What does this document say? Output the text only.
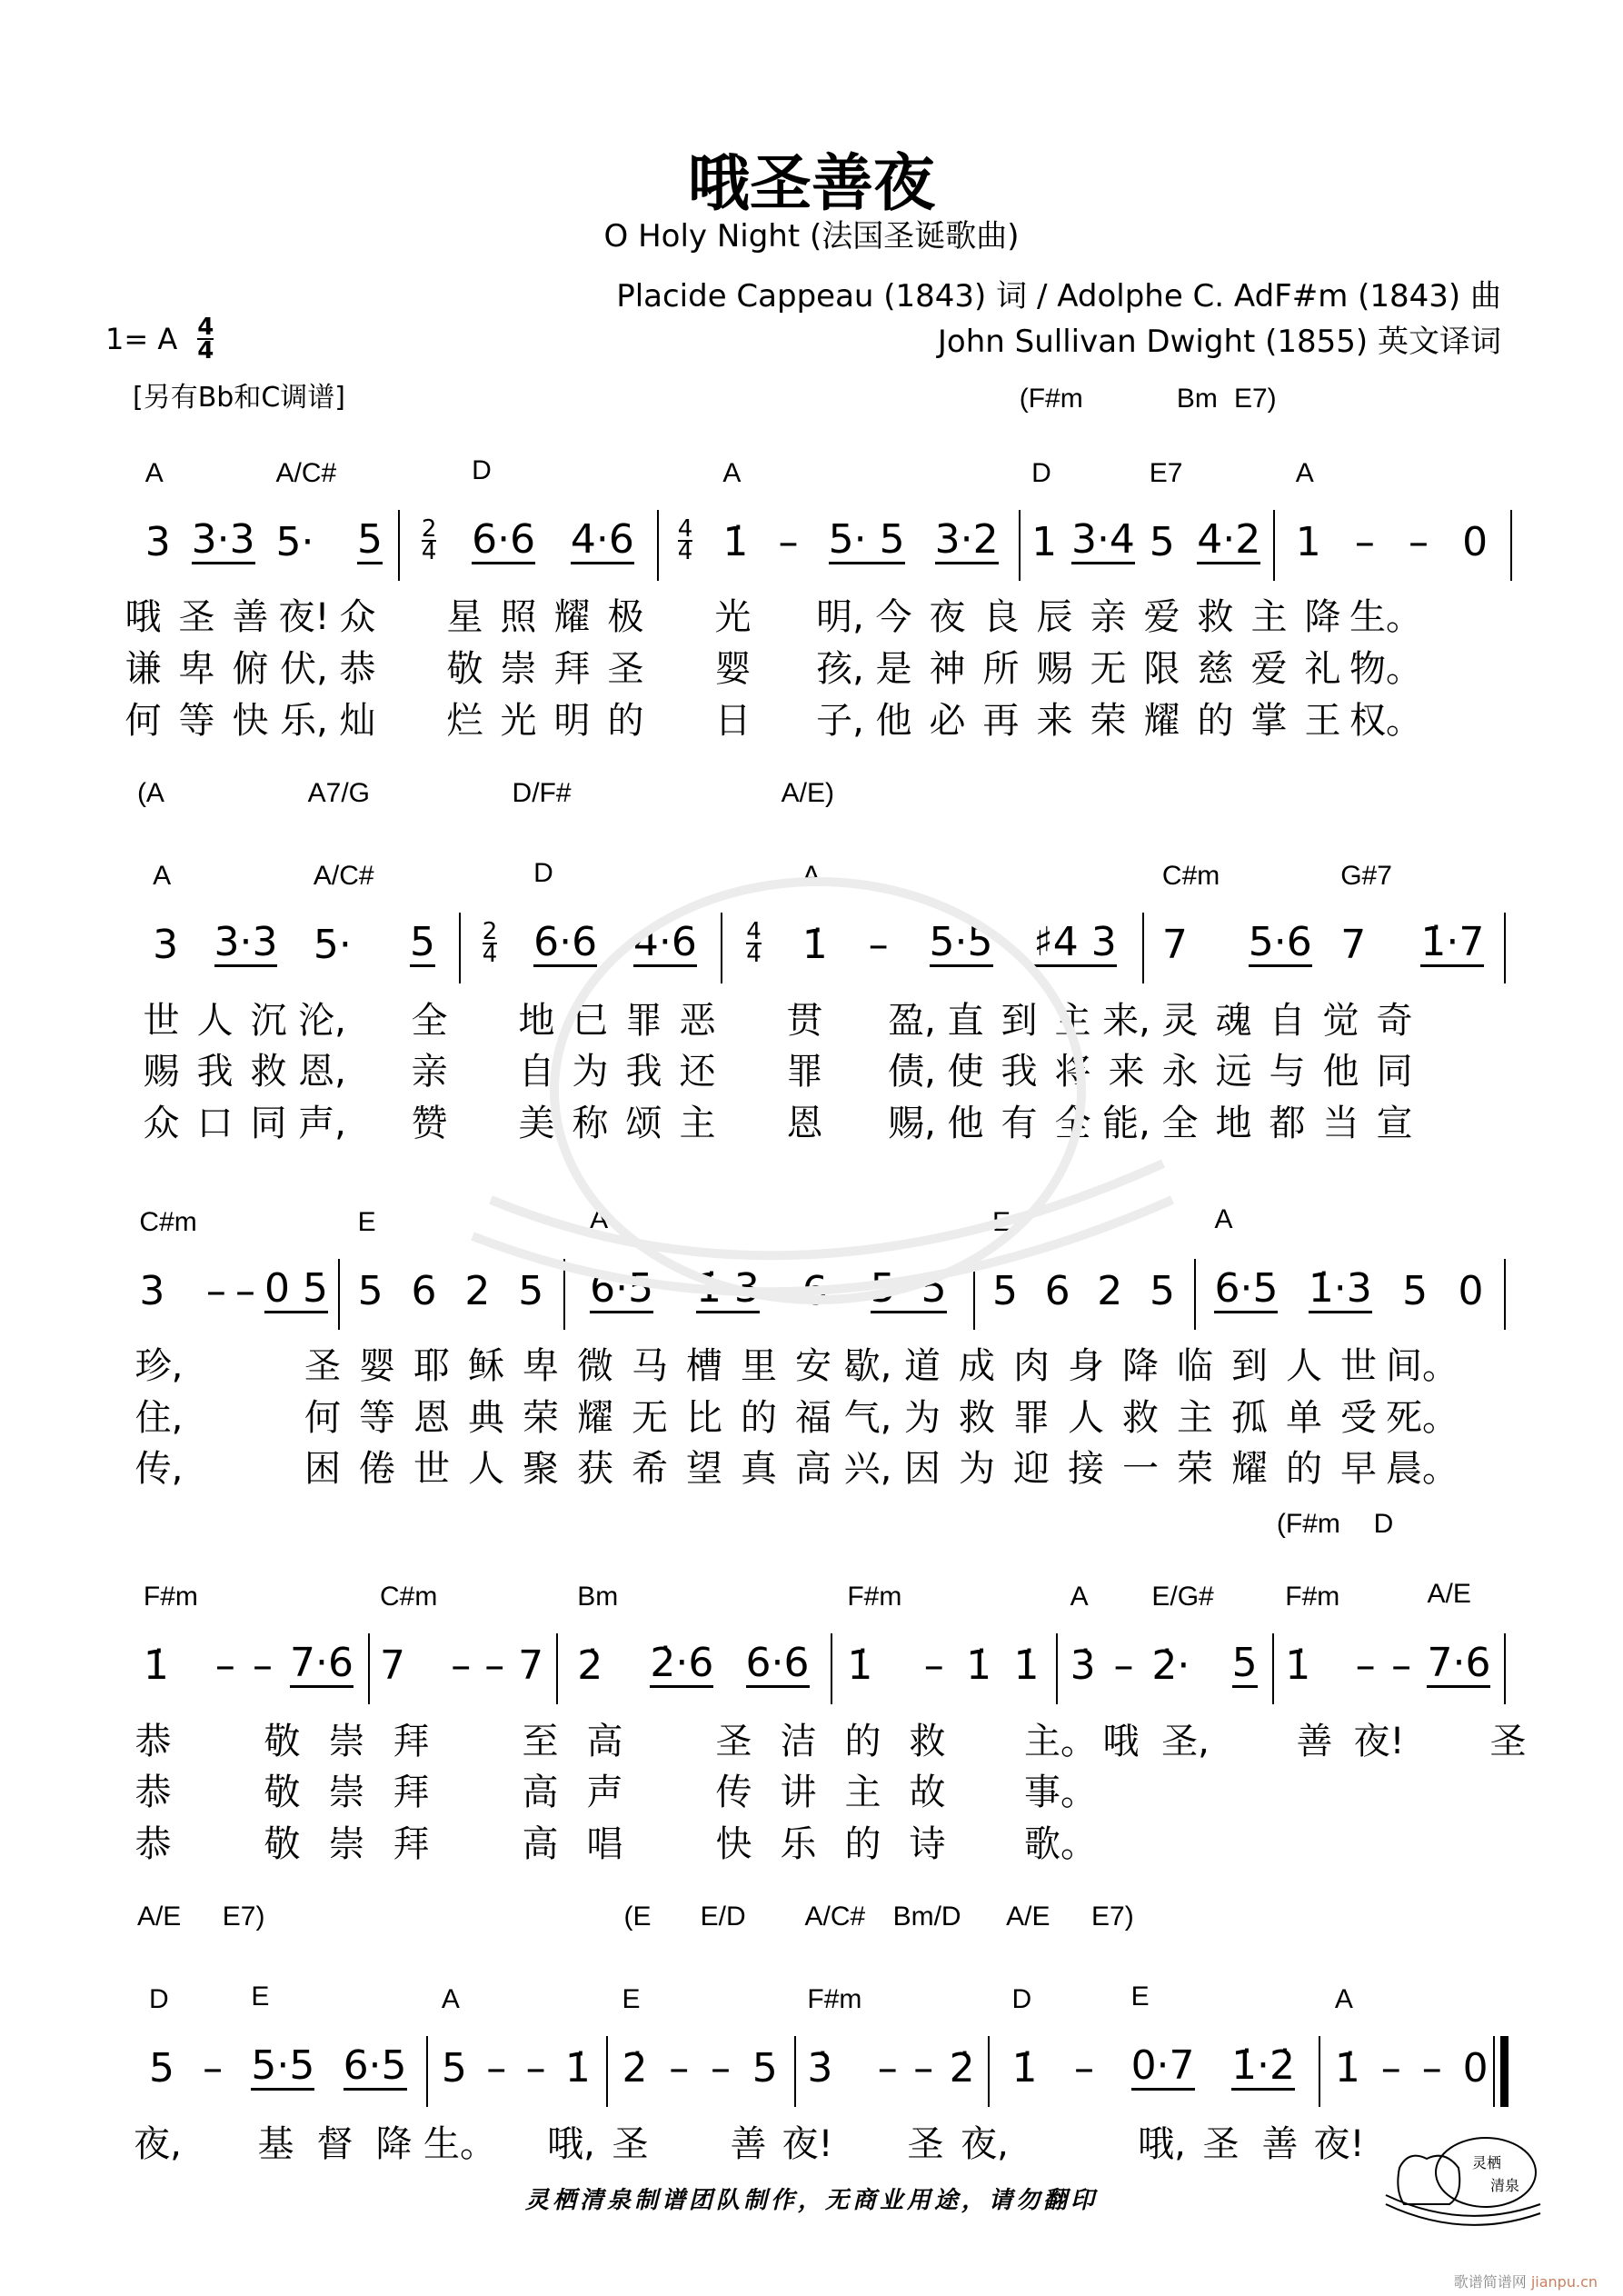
哦圣善夜
O Holy Night (法国圣诞歌曲)
Placide Cappeau (1843) 词 / Adolphe C. AdF#m (1843) 曲
John Sullivan Dwight (1855) 英文译词
1= A 4
4
[另有Bb和C调谱]	(F#m	Bm E7)
A
3 3·3
A/C#
5· 5 2
4
D
6·6 4·6 4
4
A
1̇ – 5· 5 3·2
D
1 3·4
E7
5 4·2
A
1 – – 0
哦 圣 善 夜! 众 星 照 耀 极 光 明, 今 夜 良 辰 亲 爱 救 主 降 生。
谦 卑 俯 伏, 恭 敬 崇 拜 圣 婴 孩, 是 神 所 赐 无 限 慈 爱 礼 物。
何 等 快 乐, 灿 烂 光 明 的 日 子, 他 必 再 来 荣 耀 的 掌 王 权。
(A	A7/G	D/F#	A/E)
A
3 3·3
A/C#
5· 5 2
4
D
6·6 4·6 4
4
A
1̇ – 5·5 ♯4 3
C#m
7 5·6
G#7
7 1̇·7
世 人 沉 沦, 全 地 已 罪 恶 贯 盈, 直 到 主 来, 灵 魂 自 觉 奇
赐 我 救 恩, 亲 自 为 我 还 罪 债, 使 我 将 来 永 远 与 他 同
众 口 同 声, 赞 美 称 颂 主 恩 赐, 他 有 全 能, 全 地 都 当 宣
C#m
3 – – 0 5
E
5 6 2 5
A
6·5 1̇·3 6 5· 5
E
5 6 2 5
A
6·5 1̇·3 5 0
珍,	圣 婴 耶 稣 卑 微 马 槽 里 安 歇, 道 成 肉 身 降 临 到 人 世 间。
住,	何 等 恩 典 荣 耀 无 比 的 福 气, 为 救 罪 人 救 主 孤 单 受 死。
传,	困 倦 世 人 聚 获 希 望 真 高 兴, 因 为 迎 接 一 荣 耀 的 早 晨。
(F#m D
F#m
1̇ – – 7·6
C#m
7 – – 7
Bm
2̇ 2̇·6 6·6
F#m
1̇ – 1̇ 1̇
A
3̇ –
E/G#
2̇· 5
F#m
1̇ – –
A/E
7·6
恭	敬 崇 拜	至 高	圣 洁 的 救	主。 哦 圣,	善 夜!	圣
恭	敬 崇 拜	高 声	传 讲 主 故	事。
恭	敬 崇 拜	高 唱	快 乐 的 诗	歌。
A/E E7)	(E E/D A/C# Bm/D A/E E7)
D
5 –
E
5·5 6·5
A
5 – – 1̇
E
2̇ – – 5
F#m
3̇ – – 2̇
D
1̇ –
E
0·7 1̇·2̇
A
1̇ – – 0
夜,	基 督 降 生。 哦, 圣	善 夜!	圣 夜,	哦, 圣 善 夜!	灵栖
清泉
灵栖清泉制谱团队制作，无商业用途，请勿翻印
歌谱简谱网 jianpu.cn
